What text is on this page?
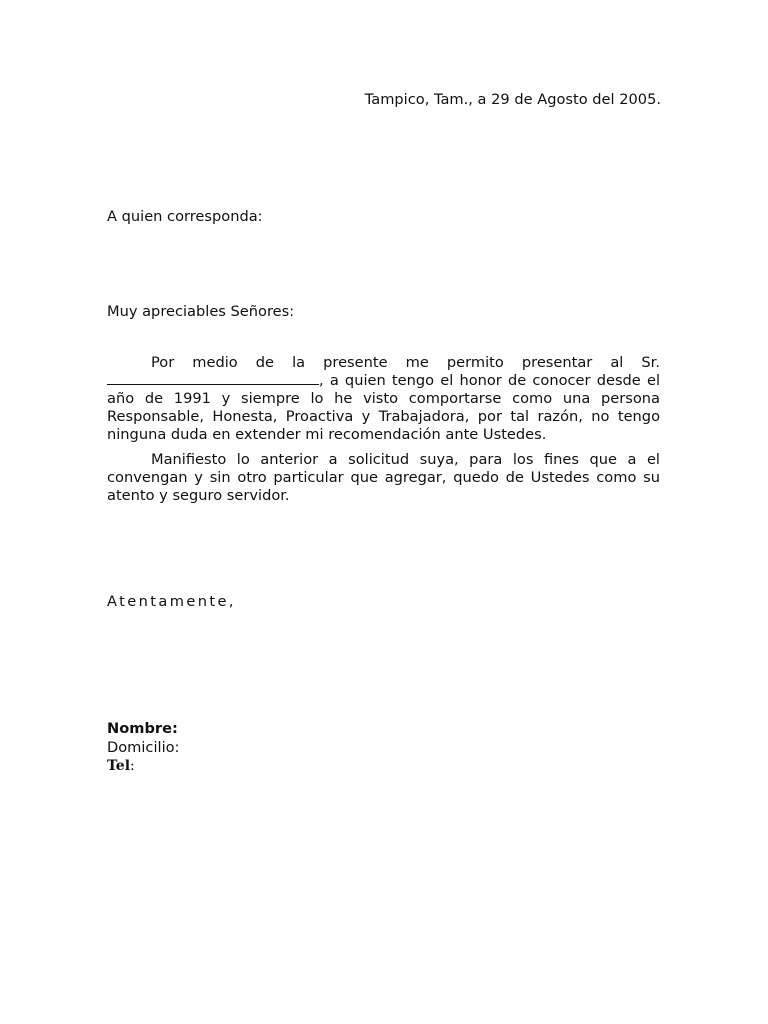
Tampico, Tam., a 29 de Agosto del 2005.
A quien corresponda:
Muy apreciables Señores:

Por medio de la presente me permito presentar al Sr. , a quien tengo el honor de conocer desde el año de 1991 y siempre lo he visto comportarse como una persona Responsable, Honesta, Proactiva y Trabajadora, por tal razón, no tengo ninguna duda en extender mi recomendación ante Ustedes.

Manifiesto lo anterior a solicitud suya, para los fines que a el convengan y sin otro particular que agregar, quedo de Ustedes como su atento y seguro servidor.

Atentamente,
Nombre:
Domicilio:
Tel:
